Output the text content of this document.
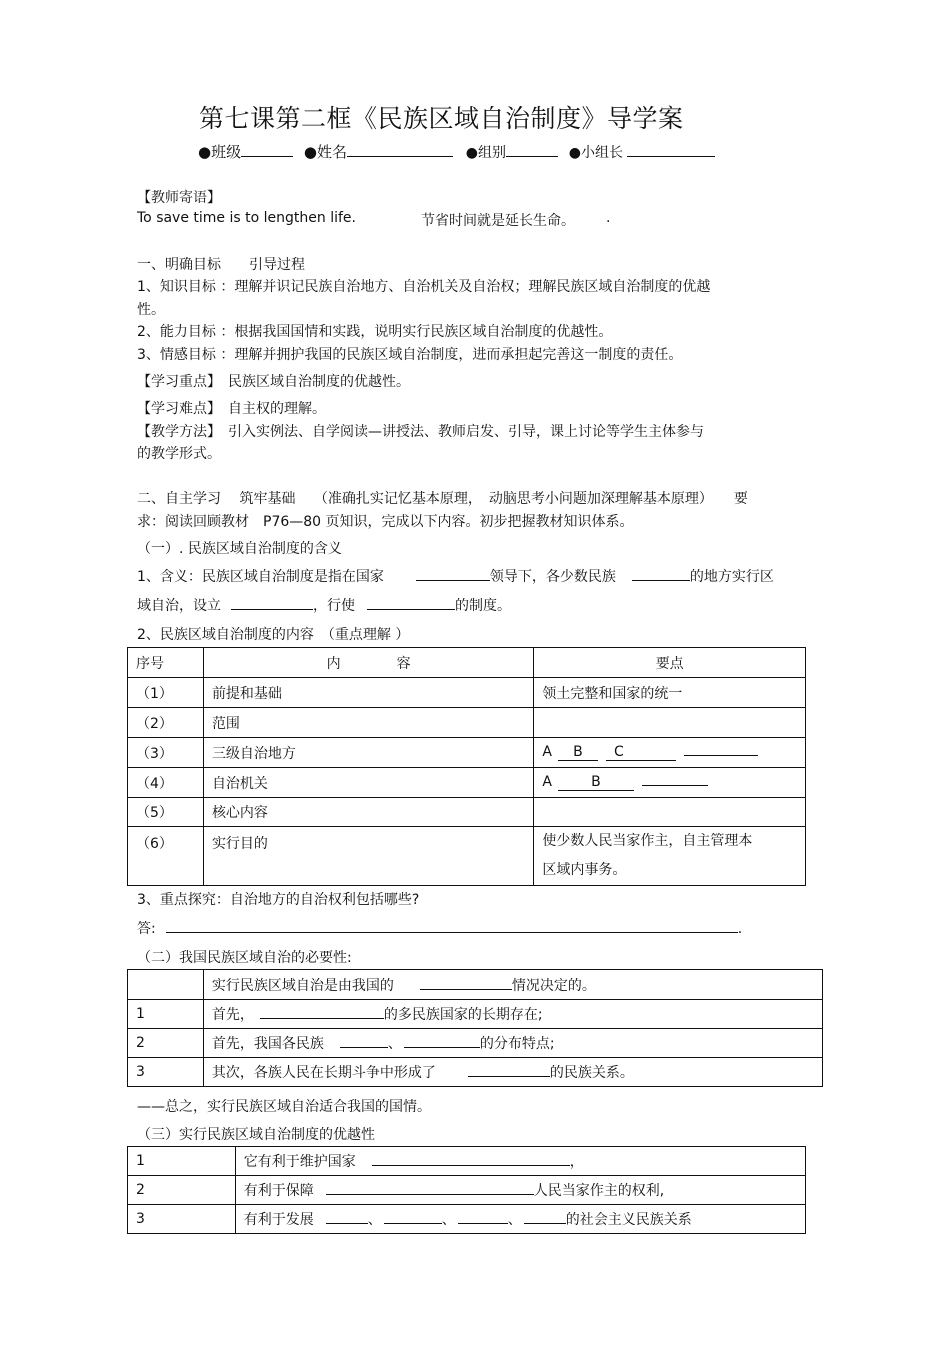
第七课第二框《民族区域自治制度》导学案
●班级	●姓名	●组别	●小组长
【教师寄语】
To save time is to lengthen life.	节省时间就是延长生命。 .
一、明确目标　　引导过程
1、知识目标 ：理解并识记民族自治地方、自治机关及自治权；理解民族区域自治制度的优越
性。
2、能力目标 ：根据我国国情和实践，说明实行民族区域自治制度的优越性。
3、情感目标 ：理解并拥护我国的民族区域自治制度，进而承担起完善这一制度的责任。
【学习重点】　民族区域自治制度的优越性。
【学习难点】　自主权的理解。
【教学方法】　引入实例法、自学阅读—讲授法、教师启发、引导，课上讨论等学生主体参与
的教学形式。
二、自主学习　 筑牢基础　 （准确扎实记忆基本原理，　动脑思考小问题加深理解基本原理）　　要
求：阅读回顾教材　P76—80 页知识，完成以下内容。初步把握教材知识体系。
（一）. 民族区域自治制度的含义
1、含义：民族区域自治制度是指在国家	领导下，各少数民族	的地方实行区
域自治，设立	，行使	的制度。
2、民族区域自治制度的内容　（重点理解 ）
序号	内　　　　容	要点
（1）	前提和基础	领土完整和国家的统一
（2）	范围	
（3）	三级自治地方	A B C
（4）	自治机关	A B
（5）	核心内容	
（6）	实行目的	使少数人民当家作主，自主管理本
区域内事务。
3、重点探究：自治地方的自治权利包括哪些?
答:	.
（二）我国民族区域自治的必要性:
	实行民族区域自治是由我国的 情况决定的。
1	首先， 的多民族国家的长期存在;
2	首先，我国各民族 、 的分布特点;
3	其次，各族人民在长期斗争中形成了 的民族关系。
——总之，实行民族区域自治适合我国的国情。
（三）实行民族区域自治制度的优越性
1	它有利于维护国家 ，
2	有利于保障 人民当家作主的权利,
3	有利于发展 、 、 、 的社会主义民族关系
